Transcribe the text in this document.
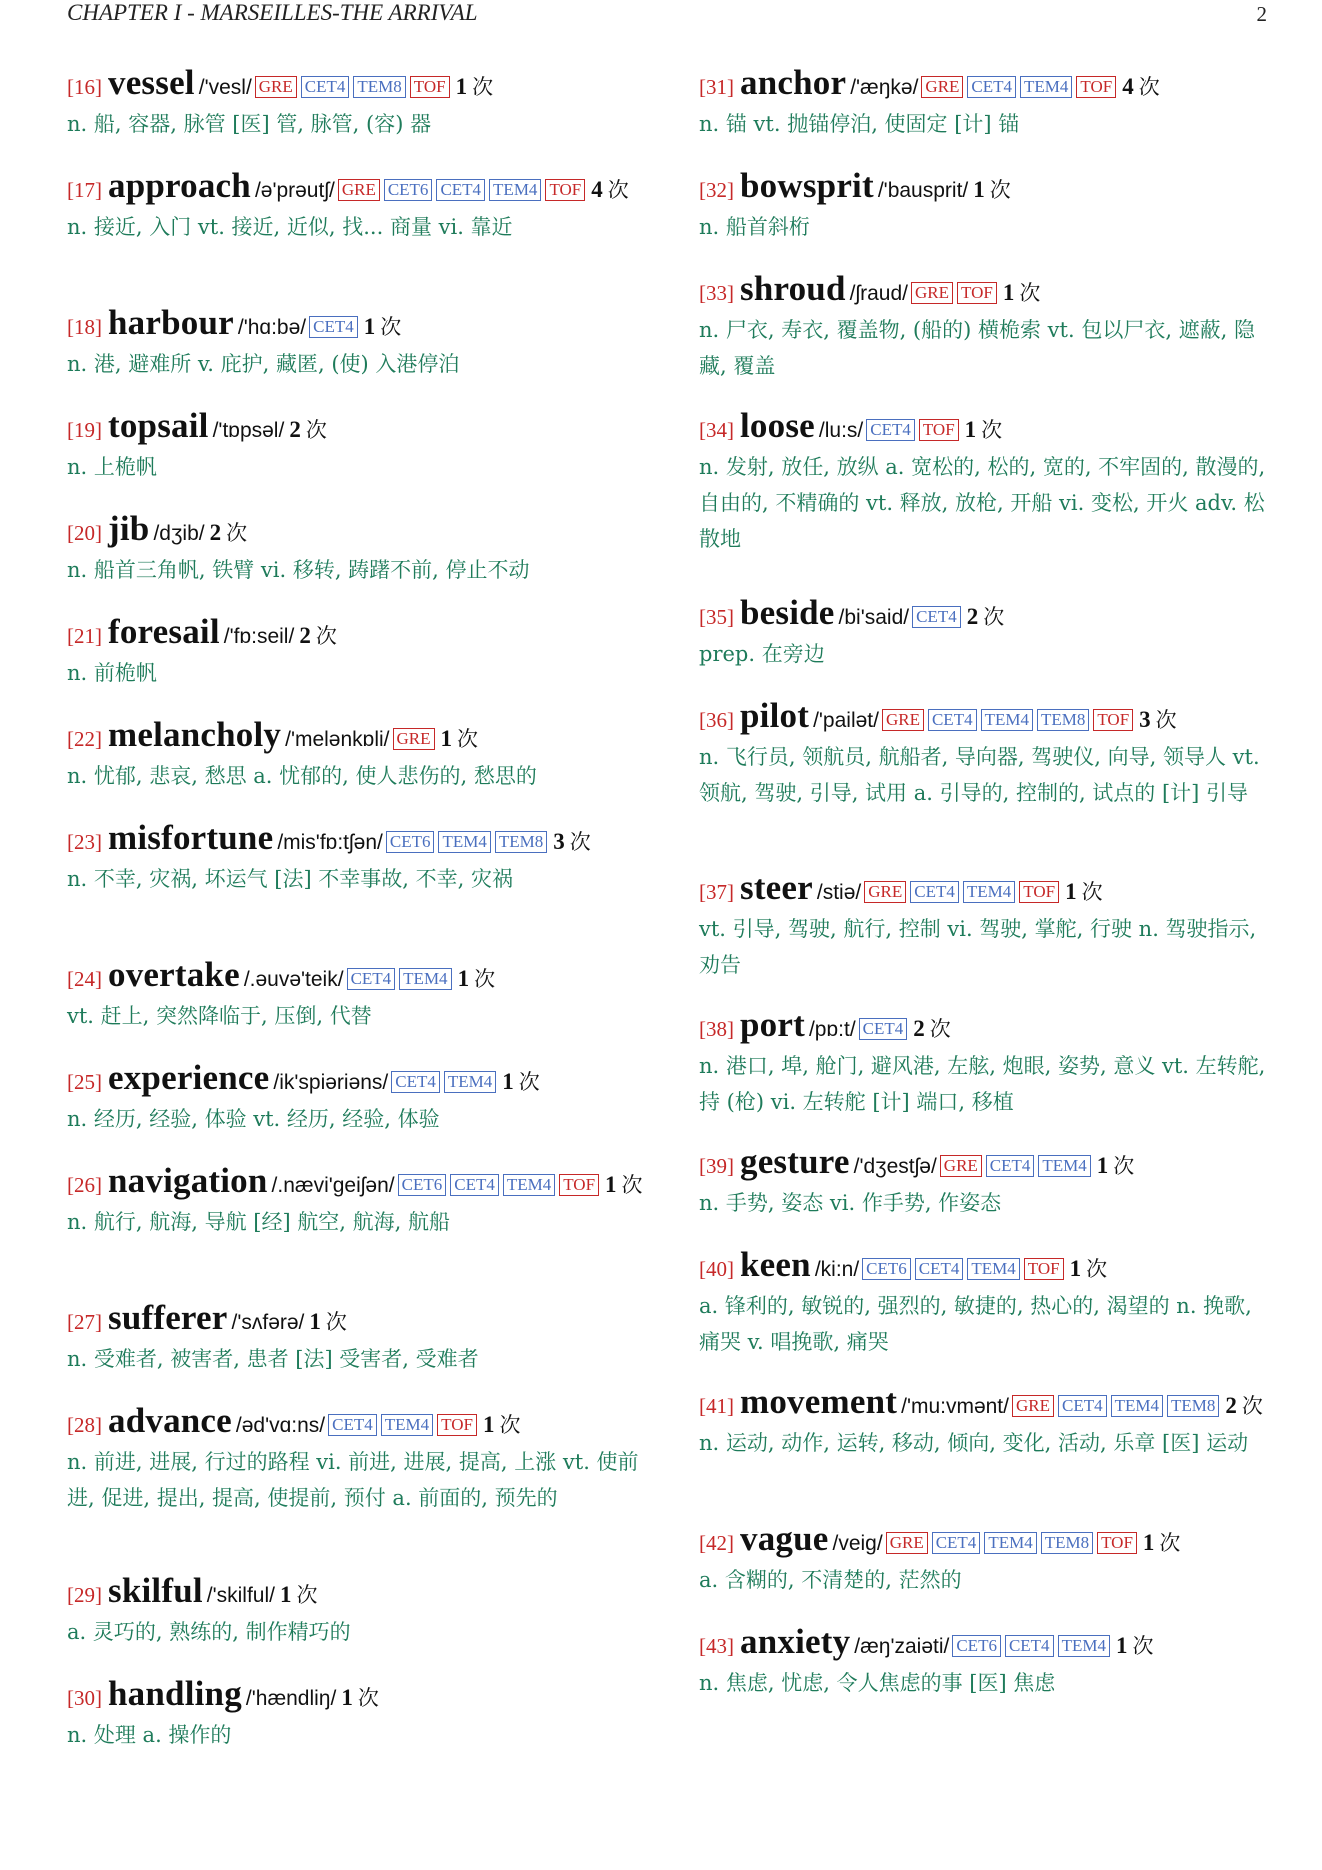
CHAPTER I - MARSEILLES-THE ARRIVAL	2
[16] vessel /'vesl/ GRE CET4 TEM8 TOF 1 次
n. 船, 容器, 脉管 [医] 管, 脉管, (容) 器
[17] approach /ə'prəutʃ/ GRE CET6 CET4 TEM4 TOF 4 次
n. 接近, 入门 vt. 接近, 近似, 找... 商量 vi. 靠近
[18] harbour /'hɑ:bə/ CET4 1 次
n. 港, 避难所 v. 庇护, 藏匿, (使) 入港停泊
[19] topsail /'tɒpsəl/ 2 次
n. 上桅帆
[20] jib /dʒib/ 2 次
n. 船首三角帆, 铁臂 vi. 移转, 踌躇不前, 停止不动
[21] foresail /'fɒ:seil/ 2 次
n. 前桅帆
[22] melancholy /'melənkɒli/ GRE 1 次
n. 忧郁, 悲哀, 愁思 a. 忧郁的, 使人悲伤的, 愁思的
[23] misfortune /mis'fɒ:tʃən/ CET6 TEM4 TEM8 3 次
n. 不幸, 灾祸, 坏运气 [法] 不幸事故, 不幸, 灾祸
[24] overtake /.əuvə'teik/ CET4 TEM4 1 次
vt. 赶上, 突然降临于, 压倒, 代替
[25] experience /ik'spiəriəns/ CET4 TEM4 1 次
n. 经历, 经验, 体验 vt. 经历, 经验, 体验
[26] navigation /.nævi'geiʃən/ CET6 CET4 TEM4 TOF 1 次
n. 航行, 航海, 导航 [经] 航空, 航海, 航船
[27] sufferer /'sʌfərə/ 1 次
n. 受难者, 被害者, 患者 [法] 受害者, 受难者
[28] advance /əd'vɑ:ns/ CET4 TEM4 TOF 1 次
n. 前进, 进展, 行过的路程 vi. 前进, 进展, 提高, 上涨 vt. 使前进, 促进, 提出, 提高, 使提前, 预付 a. 前面的, 预先的
[29] skilful /'skilful/ 1 次
a. 灵巧的, 熟练的, 制作精巧的
[30] handling /'hændliŋ/ 1 次
n. 处理 a. 操作的
[31] anchor /'æŋkə/ GRE CET4 TEM4 TOF 4 次
n. 锚 vt. 抛锚停泊, 使固定 [计] 锚
[32] bowsprit /'bausprit/ 1 次
n. 船首斜桁
[33] shroud /ʃraud/ GRE TOF 1 次
n. 尸衣, 寿衣, 覆盖物, (船的) 横桅索 vt. 包以尸衣, 遮蔽, 隐藏, 覆盖
[34] loose /lu:s/ CET4 TOF 1 次
n. 发射, 放任, 放纵 a. 宽松的, 松的, 宽的, 不牢固的, 散漫的, 自由的, 不精确的 vt. 释放, 放枪, 开船 vi. 变松, 开火 adv. 松散地
[35] beside /bi'said/ CET4 2 次
prep. 在旁边
[36] pilot /'pailət/ GRE CET4 TEM4 TEM8 TOF 3 次
n. 飞行员, 领航员, 航船者, 导向器, 驾驶仪, 向导, 领导人 vt. 领航, 驾驶, 引导, 试用 a. 引导的, 控制的, 试点的 [计] 引导
[37] steer /stiə/ GRE CET4 TEM4 TOF 1 次
vt. 引导, 驾驶, 航行, 控制 vi. 驾驶, 掌舵, 行驶 n. 驾驶指示, 劝告
[38] port /pɒ:t/ CET4 2 次
n. 港口, 埠, 舱门, 避风港, 左舷, 炮眼, 姿势, 意义 vt. 左转舵, 持 (枪) vi. 左转舵 [计] 端口, 移植
[39] gesture /'dʒestʃə/ GRE CET4 TEM4 1 次
n. 手势, 姿态 vi. 作手势, 作姿态
[40] keen /ki:n/ CET6 CET4 TEM4 TOF 1 次
a. 锋利的, 敏锐的, 强烈的, 敏捷的, 热心的, 渴望的 n. 挽歌, 痛哭 v. 唱挽歌, 痛哭
[41] movement /'mu:vmənt/ GRE CET4 TEM4 TEM8 2 次
n. 运动, 动作, 运转, 移动, 倾向, 变化, 活动, 乐章 [医] 运动
[42] vague /veig/ GRE CET4 TEM4 TEM8 TOF 1 次
a. 含糊的, 不清楚的, 茫然的
[43] anxiety /æŋ'zaiəti/ CET6 CET4 TEM4 1 次
n. 焦虑, 忧虑, 令人焦虑的事 [医] 焦虑
